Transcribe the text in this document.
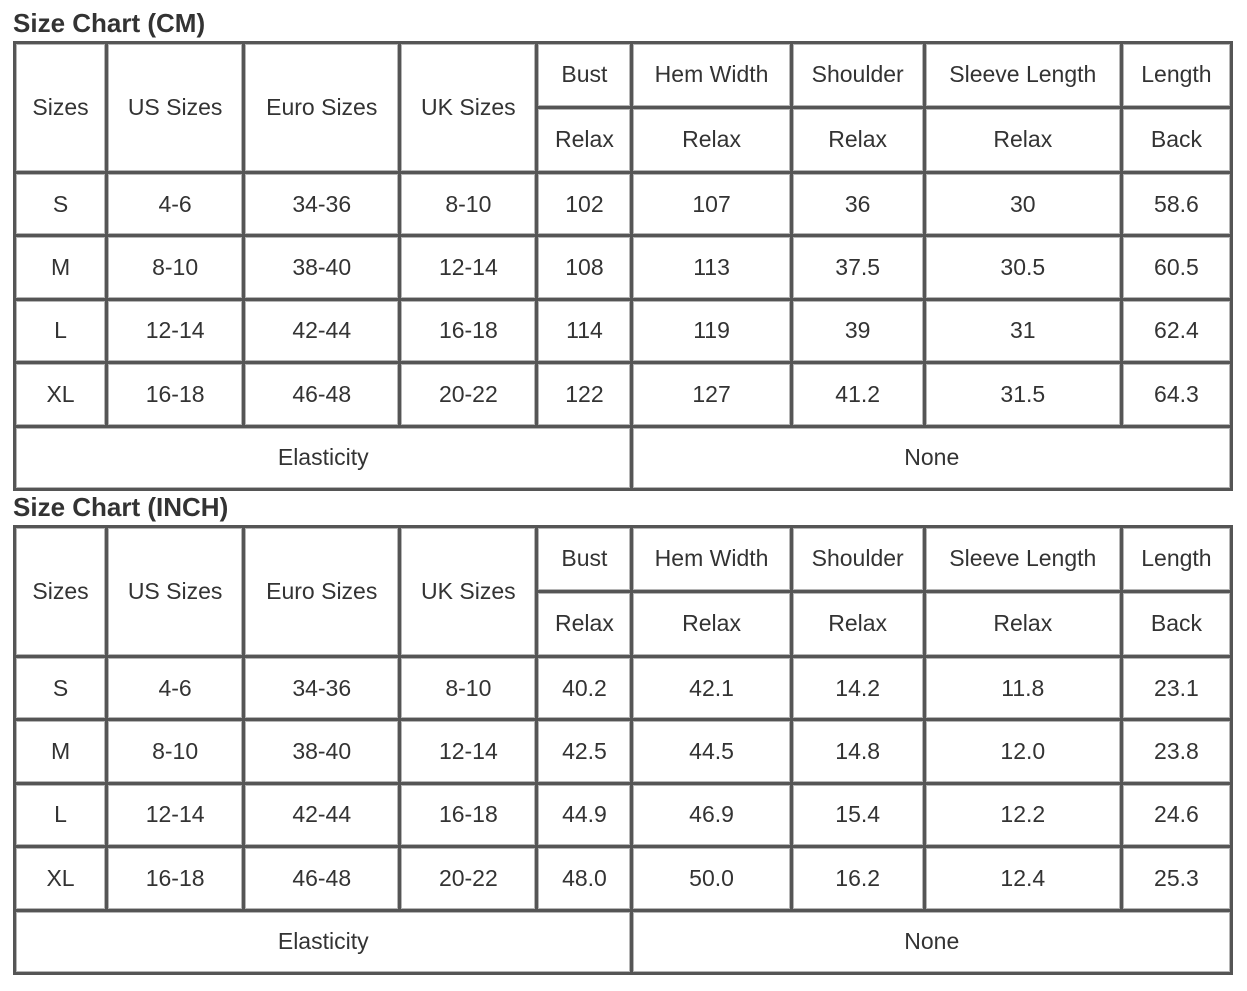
Size Chart (CM)
Sizes	US Sizes	Euro Sizes	UK Sizes	Bust	Hem Width	Shoulder	Sleeve Length	Length
				Relax	Relax	Relax	Relax	Back
S	4-6	34-36	8-10	102	107	36	30	58.6
M	8-10	38-40	12-14	108	113	37.5	30.5	60.5
L	12-14	42-44	16-18	114	119	39	31	62.4
XL	16-18	46-48	20-22	122	127	41.2	31.5	64.3
Elasticity					None			
Size Chart (INCH)
Sizes	US Sizes	Euro Sizes	UK Sizes	Bust	Hem Width	Shoulder	Sleeve Length	Length
				Relax	Relax	Relax	Relax	Back
S	4-6	34-36	8-10	40.2	42.1	14.2	11.8	23.1
M	8-10	38-40	12-14	42.5	44.5	14.8	12.0	23.8
L	12-14	42-44	16-18	44.9	46.9	15.4	12.2	24.6
XL	16-18	46-48	20-22	48.0	50.0	16.2	12.4	25.3
Elasticity					None			
